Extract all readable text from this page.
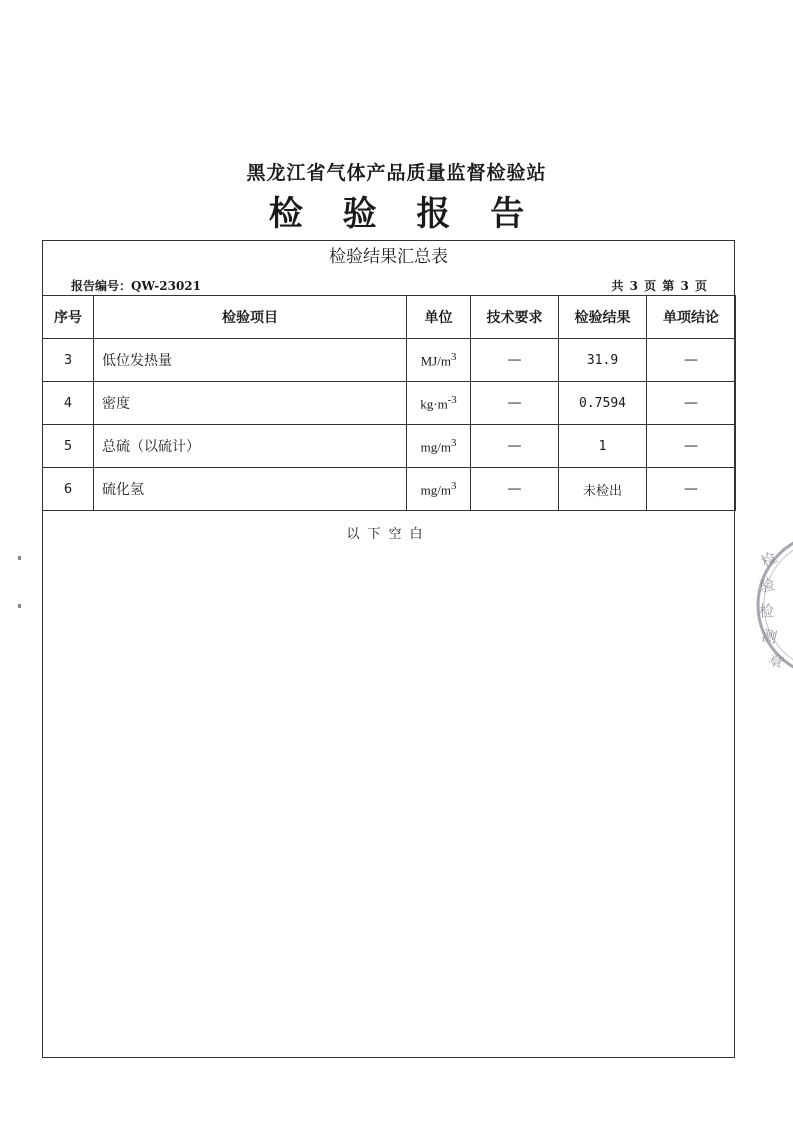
黑龙江省气体产品质量监督检验站
检 验 报 告
检验结果汇总表
报告编号：QW-23021	共 3 页 第 3 页
序号	检验项目	单位	技术要求	检验结果	单项结论
3	低位发热量	$MJ/m^3$	—	31.9	—
4	密度	$kg\cdot m^{-3}$	—	0.7594	—
5	总硫（以硫计）	$mg/m^3$	—	1	—
6	硫化氢	$mg/m^3$	—	未检出	—
以下空白
检
验
检
测
章
